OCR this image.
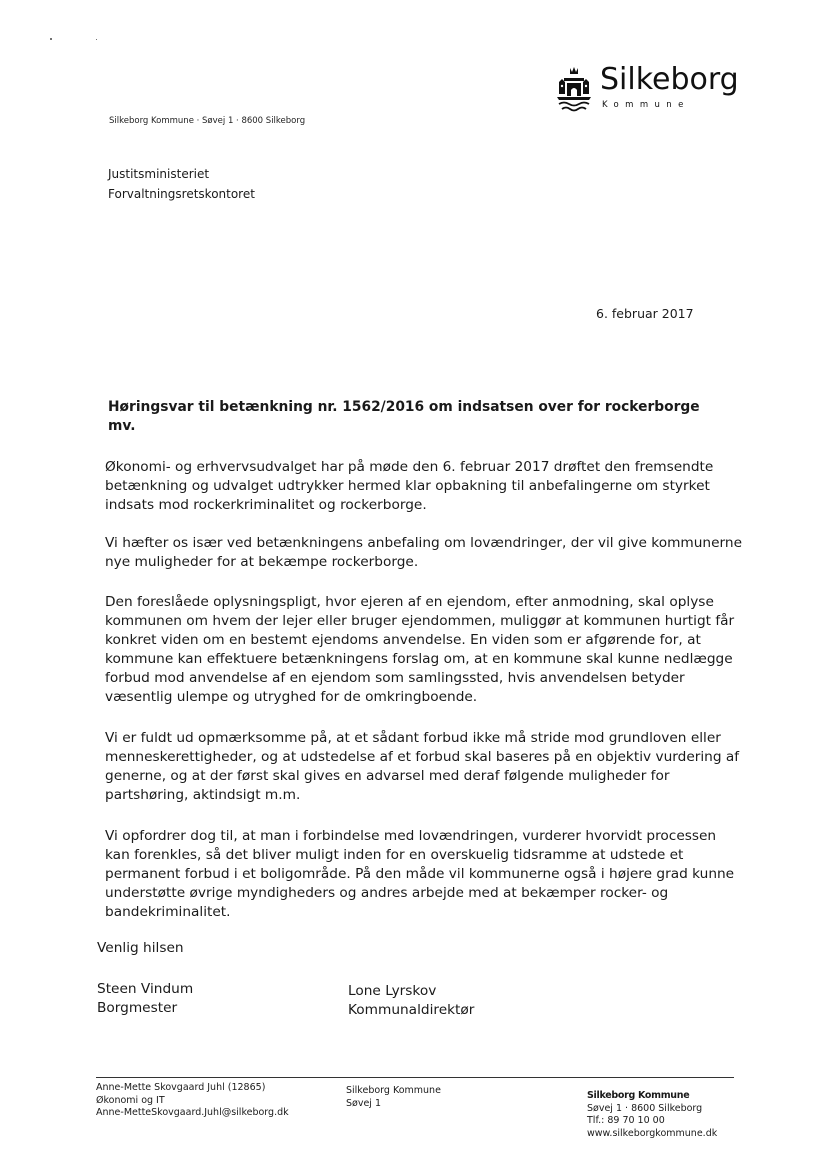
Silkeborg
Kommune
Silkeborg Kommune · Søvej 1 · 8600 Silkeborg
Justitsministeriet
Forvaltningsretskontoret
6. februar 2017
Høringsvar til betænkning nr. 1562/2016 om indsatsen over for rockerborge mv.

Økonomi- og erhvervsudvalget har på møde den 6. februar 2017 drøftet den fremsendte betænkning og udvalget udtrykker hermed klar opbakning til anbefalingerne om styrket indsats mod rockerkriminalitet og rockerborge.

Vi hæfter os især ved betænkningens anbefaling om lovændringer, der vil give kommunerne nye muligheder for at bekæmpe rockerborge.

Den foreslåede oplysningspligt, hvor ejeren af en ejendom, efter anmodning, skal oplyse kommunen om hvem der lejer eller bruger ejendommen, muliggør at kommunen hurtigt får konkret viden om en bestemt ejendoms anvendelse. En viden som er afgørende for, at kommune kan effektuere betænkningens forslag om, at en kommune skal kunne nedlægge forbud mod anvendelse af en ejendom som samlingssted, hvis anvendelsen betyder væsentlig ulempe og utryghed for de omkringboende.

Vi er fuldt ud opmærksomme på, at et sådant forbud ikke må stride mod grundloven eller menneskerettigheder, og at udstedelse af et forbud skal baseres på en objektiv vurdering af generne, og at der først skal gives en advarsel med deraf følgende muligheder for partshøring, aktindsigt m.m.

Vi opfordrer dog til, at man i forbindelse med lovændringen, vurderer hvorvidt processen kan forenkles, så det bliver muligt inden for en overskuelig tidsramme at udstede et permanent forbud i et boligområde. På den måde vil kommunerne også i højere grad kunne understøtte øvrige myndigheders og andres arbejde med at bekæmper rocker- og bandekriminalitet.

Venlig hilsen
Steen Vindum
Borgmester
Lone Lyrskov
Kommunaldirektør
Anne-Mette Skovgaard Juhl (12865)
Økonomi og IT
Anne-MetteSkovgaard.Juhl@silkeborg.dk
Silkeborg Kommune
Søvej 1
Silkeborg Kommune
Søvej 1 · 8600 Silkeborg
Tlf.: 89 70 10 00
www.silkeborgkommune.dk
